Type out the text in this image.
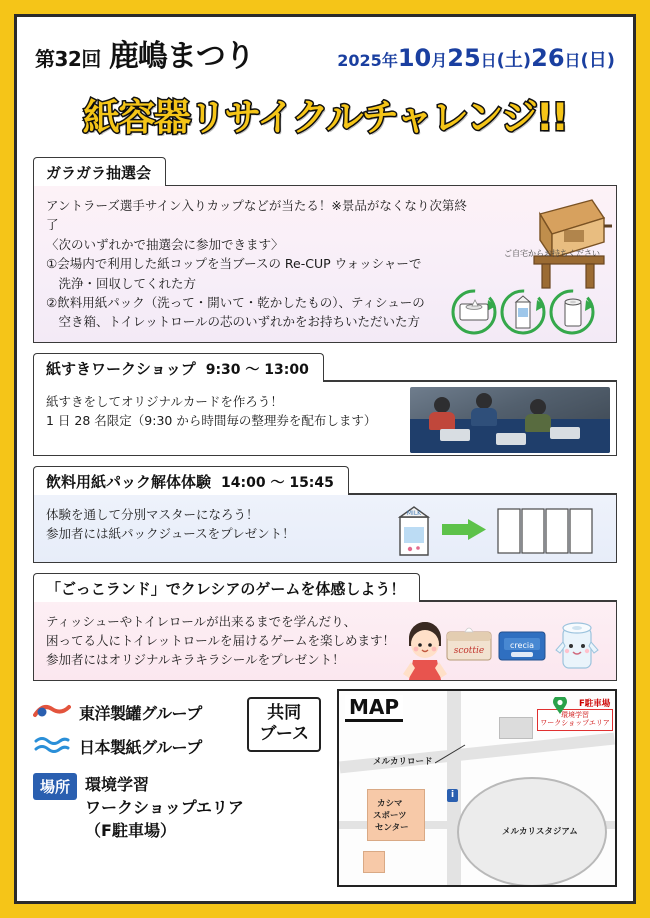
第32回 鹿嶋まつり	2025年10月25日(土)26日(日)
紙容器リサイクルチャレンジ!!
ガラガラ抽選会

アントラーズ選手サイン入りカップなどが当たる！※景品がなくなり次第終了

〈次のいずれかで抽選会に参加できます〉

①会場内で利用した紙コップを当ブースの Re-CUP ウォッシャーで

　洗浄・回収してくれた方

②飲料用紙パック（洗って・開いて・乾かしたもの）、ティシューの

　空き箱、トイレットロールの芯のいずれかをお持ちいただいた方

ご自宅からお持ちください
紙すきワークショップ 9:30 ～ 13:00

紙すきをしてオリジナルカードを作ろう！

1 日 28 名限定（9:30 から時間毎の整理券を配布します）

飲料用紙パック解体体験 14:00 ～ 15:45

体験を通して分別マスターになろう！

参加者には紙パックジュースをプレゼント！

MILK
「ごっこランド」でクレシアのゲームを体感しよう！

ティッシューやトイレロールが出来るまでを学んだり、

困ってる人にトイレットロールを届けるゲームを楽しめます！

参加者にはオリジナルキラキラシールをプレゼント！

scottie
crecia
東洋製罐グループ
日本製紙グループ
共同
ブース
場所 環境学習
ワークショップエリア
（F駐車場）	メルカリスタジアム
カシマ
スポーツ
センター
メルカリロード
環境学習
ワークショップエリア
F駐車場
i
MAP
